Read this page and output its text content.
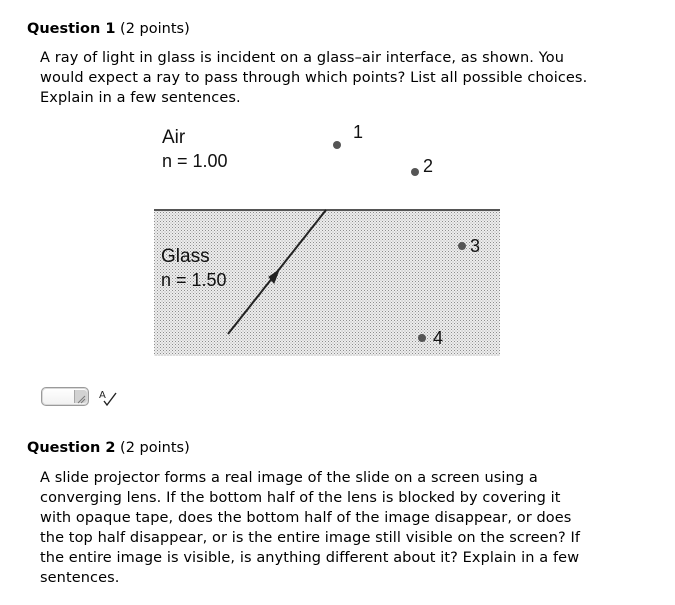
Question 1 (2 points)
A ray of light in glass is incident on a glass–air interface, as shown. You
would expect a ray to pass through which points? List all possible choices.
Explain in a few sentences.
Air
n = 1.00
Glass
n = 1.50
1
2
3
4
A
Question 2 (2 points)
A slide projector forms a real image of the slide on a screen using a
converging lens. If the bottom half of the lens is blocked by covering it
with opaque tape, does the bottom half of the image disappear, or does
the top half disappear, or is the entire image still visible on the screen? If
the entire image is visible, is anything different about it? Explain in a few
sentences.
